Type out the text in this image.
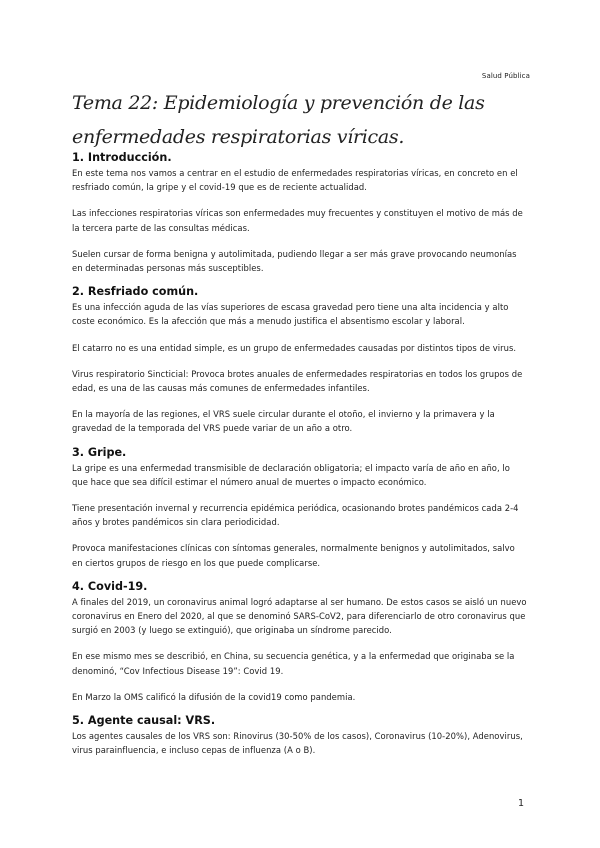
Salud Pública
Tema 22: Epidemiología y prevención de las enfermedades respiratorias víricas.
1. Introducción.

En este tema nos vamos a centrar en el estudio de enfermedades respiratorias víricas, en concreto en el resfriado común, la gripe y el covid-19 que es de reciente actualidad.

Las infecciones respiratorias víricas son enfermedades muy frecuentes y constituyen el motivo de más de la tercera parte de las consultas médicas.

Suelen cursar de forma benigna y autolimitada, pudiendo llegar a ser más grave provocando neumonías en determinadas personas más susceptibles.

2. Resfriado común.

Es una infección aguda de las vías superiores de escasa gravedad pero tiene una alta incidencia y alto coste económico. Es la afección que más a menudo justifica el absentismo escolar y laboral.

El catarro no es una entidad simple, es un grupo de enfermedades causadas por distintos tipos de virus.

Virus respiratorio Sincticial: Provoca brotes anuales de enfermedades respiratorias en todos los grupos de edad, es una de las causas más comunes de enfermedades infantiles.

En la mayoría de las regiones, el VRS suele circular durante el otoño, el invierno y la primavera y la gravedad de la temporada del VRS puede variar de un año a otro.

3. Gripe.

La gripe es una enfermedad transmisible de declaración obligatoria; el impacto varía de año en año, lo que hace que sea difícil estimar el número anual de muertes o impacto económico.

Tiene presentación invernal y recurrencia epidémica periódica, ocasionando brotes pandémicos cada 2-4 años y brotes pandémicos sin clara periodicidad.

Provoca manifestaciones clínicas con síntomas generales, normalmente benignos y autolimitados, salvo en ciertos grupos de riesgo en los que puede complicarse.

4. Covid-19.

A finales del 2019, un coronavirus animal logró adaptarse al ser humano. De estos casos se aisló un nuevo coronavirus en Enero del 2020, al que se denominó SARS-CoV2, para diferenciarlo de otro coronavirus que surgió en 2003 (y luego se extinguió), que originaba un síndrome parecido.

En ese mismo mes se describió, en China, su secuencia genética, y a la enfermedad que originaba se la denominó, “Cov Infectious Disease 19”: Covid 19.

En Marzo la OMS calificó la difusión de la covid19 como pandemia.

5. Agente causal: VRS.

Los agentes causales de los VRS son: Rinovirus (30-50% de los casos), Coronavirus (10-20%), Adenovirus, virus parainfluencia, e incluso cepas de influenza (A o B).

1
